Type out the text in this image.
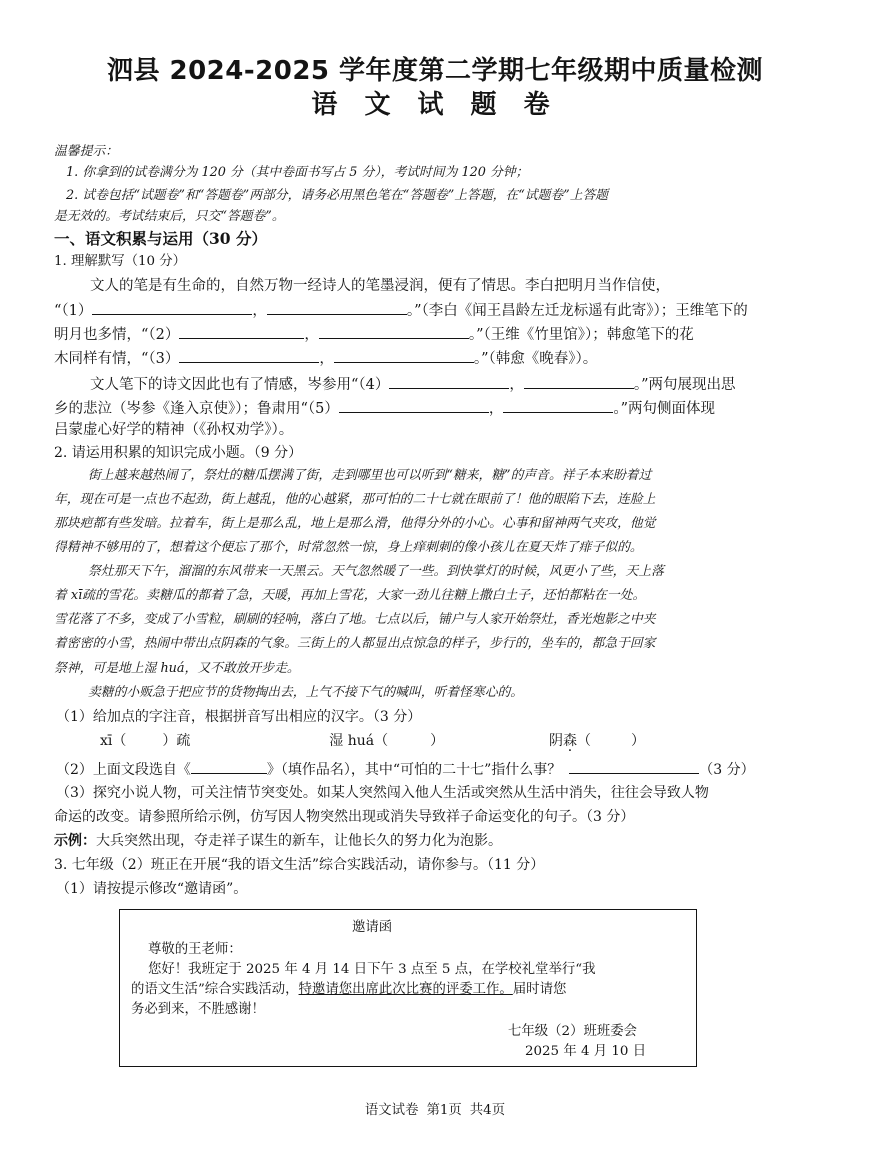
泗县 2024-2025 学年度第二学期七年级期中质量检测
语 文 试 题 卷
温馨提示：
1. 你拿到的试卷满分为 120 分（其中卷面书写占 5 分），考试时间为 120 分钟；
2. 试卷包括“试题卷”和“答题卷”两部分，请务必用黑色笔在“答题卷”上答题，在“试题卷”上答题
是无效的。考试结束后，只交“答题卷”。
一、语文积累与运用（30 分）
1. 理解默写（10 分）
文人的笔是有生命的，自然万物一经诗人的笔墨浸润，便有了情思。李白把明月当作信使，
“（1）	，	。”（李白《闻王昌龄左迁龙标遥有此寄》）；王维笔下的
明月也多情，“（2）	，	。”（王维《竹里馆》）；韩愈笔下的花
木同样有情，“（3）	，	。”（韩愈《晚春》）。
文人笔下的诗文因此也有了情感，岑参用“（4）	，	。”两句展现出思
乡的悲泣（岑参《逢入京使》）；鲁肃用“（5）	，	。”两句侧面体现
吕蒙虚心好学的精神（《孙权劝学》）。
2. 请运用积累的知识完成小题。（9 分）
街上越来越热闹了，祭灶的糖瓜摆满了街，走到哪里也可以听到“糖来，糖”的声音。祥子本来盼着过
年，现在可是一点也不起劲，街上越乱，他的心越紧，那可怕的二十七就在眼前了！他的眼陷下去，连脸上
那块疤都有些发暗。拉着车，街上是那么乱，地上是那么滑，他得分外的小心。心事和留神两气夹攻，他觉
得精神不够用的了，想着这个便忘了那个，时常忽然一惊，身上痒刺刺的像小孩儿在夏天炸了痱子似的。
祭灶那天下午，溜溜的东风带来一天黑云。天气忽然暖了一些。到快掌灯的时候，风更小了些，天上落
着 xī疏的雪花。卖糖瓜的都着了急，天暖，再加上雪花，大家一劲儿往糖上撒白土子，还怕都粘在一处。
雪花落了不多，变成了小雪粒，刷刷的轻响，落白了地。七点以后，铺户与人家开始祭灶，香光炮影之中夹
着密密的小雪，热闹中带出点阴森的气象。三街上的人都显出点惊急的样子，步行的，坐车的，都急于回家
祭神，可是地上湿 huá，又不敢放开步走。
卖糖的小贩急于把应节的货物掏出去，上气不接下气的喊叫，听着怪寒心的。
（1）给加点的字注音，根据拼音写出相应的汉字。（3 分）
xī（	）疏	湿 huá（	）	阴森（	）
（2）上面文段选自《	》（填作品名），其中“可怕的二十七”指什么事？	（3 分）
（3）探究小说人物，可关注情节突变处。如某人突然闯入他人生活或突然从生活中消失，往往会导致人物
命运的改变。请参照所给示例，仿写因人物突然出现或消失导致祥子命运变化的句子。（3 分）
示例：大兵突然出现，夺走祥子谋生的新车，让他长久的努力化为泡影。
3. 七年级（2）班正在开展“我的语文生活”综合实践活动，请你参与。（11 分）
（1）请按提示修改“邀请函”。
邀请函
尊敬的王老师：
您好！我班定于 2025 年 4 月 14 日下午 3 点至 5 点，在学校礼堂举行“我
的语文生活”综合实践活动，特邀请您出席此次比赛的评委工作。届时请您
务必到来，不胜感谢！
七年级（2）班班委会
2025 年 4 月 10 日
语文试卷 第1页 共4页
